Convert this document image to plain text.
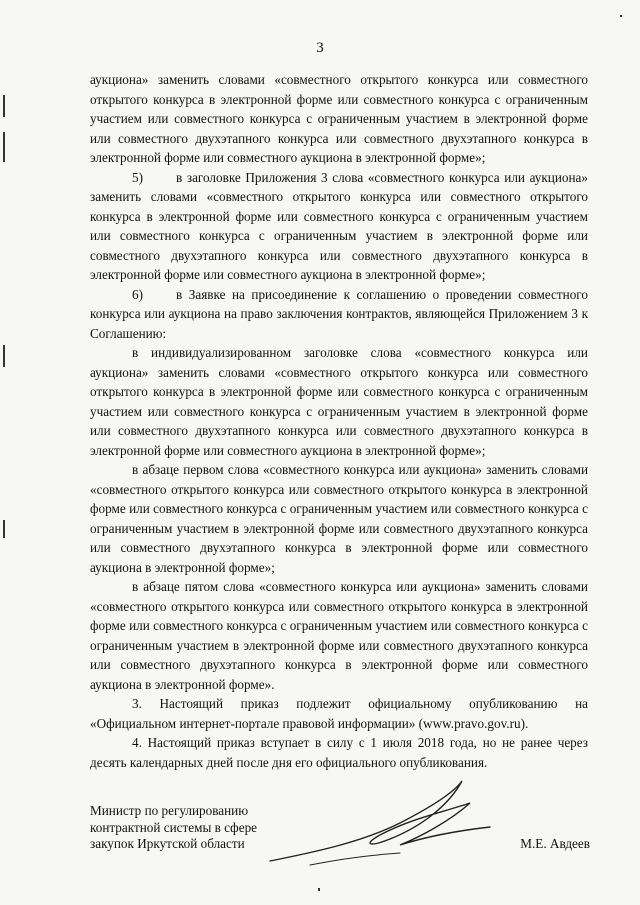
3

аукциона» заменить словами «совместного открытого конкурса или совместного открытого конкурса в электронной форме или совместного конкурса с ограниченным участием или совместного конкурса с ограниченным участием в электронной форме или совместного двухэтапного конкурса или совместного двухэтапного конкурса в электронной форме или совместного аукциона в электронной форме»;

5)	в заголовке Приложения 3 слова «совместного конкурса или аукциона» заменить словами «совместного открытого конкурса или совместного открытого конкурса в электронной форме или совместного конкурса с ограниченным участием или совместного конкурса с ограниченным участием в электронной форме или совместного двухэтапного конкурса или совместного двухэтапного конкурса в электронной форме или совместного аукциона в электронной форме»;

6)	в Заявке на присоединение к соглашению о проведении совместного конкурса или аукциона на право заключения контрактов, являющейся Приложением 3 к Соглашению:

в индивидуализированном заголовке слова «совместного конкурса или аукциона» заменить словами «совместного открытого конкурса или совместного открытого конкурса в электронной форме или совместного конкурса с ограниченным участием или совместного конкурса с ограниченным участием в электронной форме или совместного двухэтапного конкурса или совместного двухэтапного конкурса в электронной форме или совместного аукциона в электронной форме»;

в абзаце первом слова «совместного конкурса или аукциона» заменить словами «совместного открытого конкурса или совместного открытого конкурса в электронной форме или совместного конкурса с ограниченным участием или совместного конкурса с ограниченным участием в электронной форме или совместного двухэтапного конкурса или совместного двухэтапного конкурса в электронной форме или совместного аукциона в электронной форме»;

в абзаце пятом слова «совместного конкурса или аукциона» заменить словами «совместного открытого конкурса или совместного открытого конкурса в электронной форме или совместного конкурса с ограниченным участием или совместного конкурса с ограниченным участием в электронной форме или совместного двухэтапного конкурса или совместного двухэтапного конкурса в электронной форме или совместного аукциона в электронной форме».

3. Настоящий приказ подлежит официальному опубликованию на «Официальном интернет-портале правовой информации» (www.pravo.gov.ru).

4. Настоящий приказ вступает в силу с 1 июля 2018 года, но не ранее через десять календарных дней после дня его официального опубликования.

Министр по регулированию
контрактной системы в сфере
закупок Иркутской области	М.Е. Авдеев
